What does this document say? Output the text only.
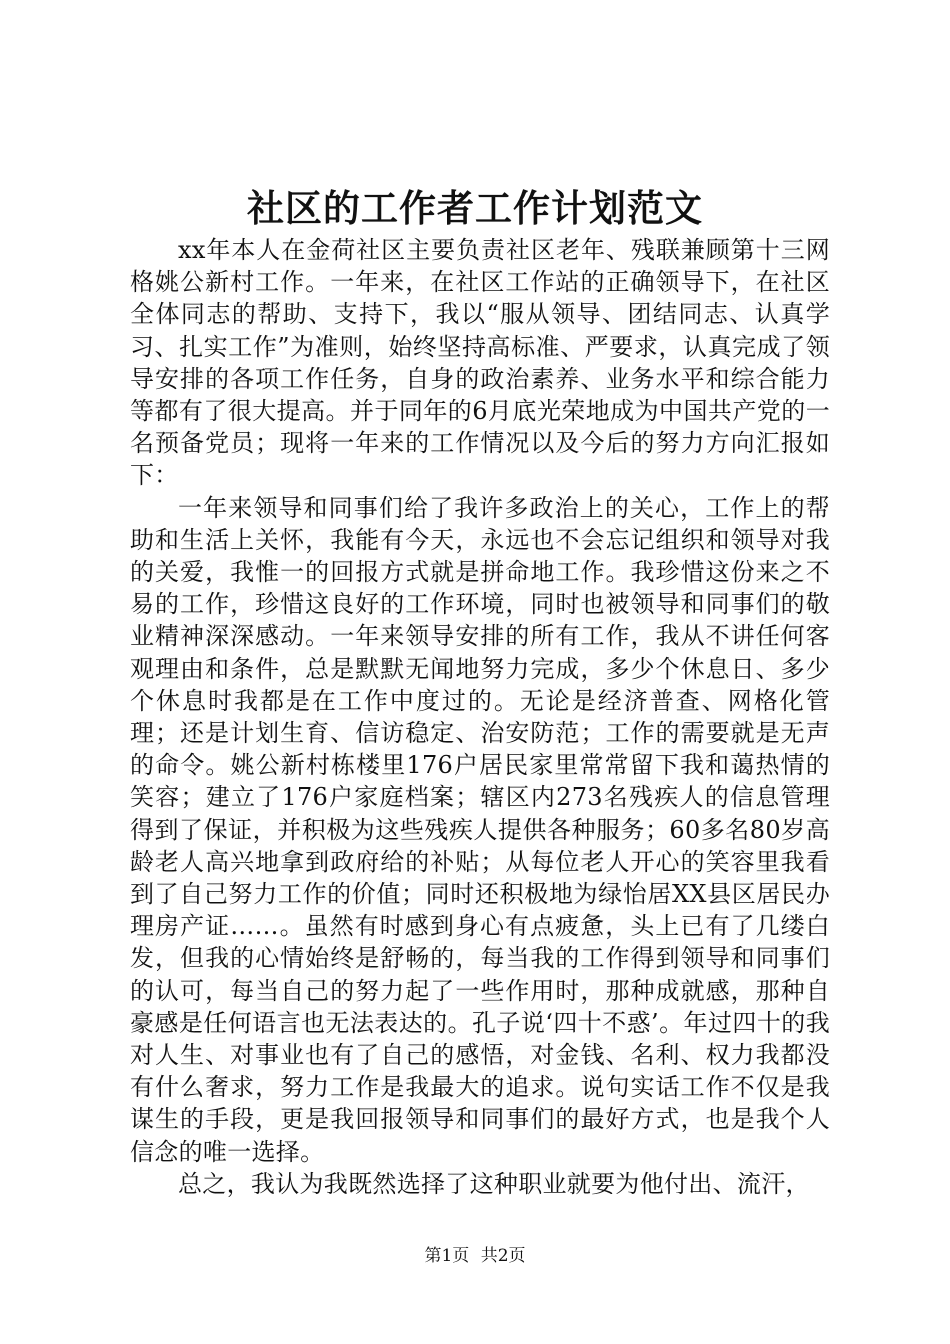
社区的工作者工作计划范文

xx年本人在金荷社区主要负责社区老年、残联兼顾第十三网格姚公新村工作。一年来，在社区工作站的正确领导下，在社区全体同志的帮助、支持下，我以“服从领导、团结同志、认真学习、扎实工作”为准则，始终坚持高标准、严要求，认真完成了领导安排的各项工作任务，自身的政治素养、业务水平和综合能力等都有了很大提高。并于同年的6月底光荣地成为中国共产党的一名预备党员；现将一年来的工作情况以及今后的努力方向汇报如下：

一年来领导和同事们给了我许多政治上的关心，工作上的帮助和生活上关怀，我能有今天，永远也不会忘记组织和领导对我的关爱，我惟一的回报方式就是拼命地工作。我珍惜这份来之不易的工作，珍惜这良好的工作环境，同时也被领导和同事们的敬业精神深深感动。一年来领导安排的所有工作，我从不讲任何客观理由和条件，总是默默无闻地努力完成，多少个休息日、多少个休息时我都是在工作中度过的。无论是经济普查、网格化管理；还是计划生育、信访稳定、治安防范；工作的需要就是无声的命令。姚公新村栋楼里176户居民家里常常留下我和蔼热情的笑容；建立了176户家庭档案；辖区内273名残疾人的信息管理得到了保证，并积极为这些残疾人提供各种服务；60多名80岁高龄老人高兴地拿到政府给的补贴；从每位老人开心的笑容里我看到了自己努力工作的价值；同时还积极地为绿怡居XX县区居民办理房产证……。虽然有时感到身心有点疲惫，头上已有了几缕白发，但我的心情始终是舒畅的，每当我的工作得到领导和同事们的认可，每当自己的努力起了一些作用时，那种成就感，那种自豪感是任何语言也无法表达的。孔子说‘四十不惑’。年过四十的我对人生、对事业也有了自己的感悟，对金钱、名利、权力我都没有什么奢求，努力工作是我最大的追求。说句实话工作不仅是我谋生的手段，更是我回报领导和同事们的最好方式，也是我个人信念的唯一选择。

总之，我认为我既然选择了这种职业就要为他付出、流汗，

第1页 共2页
